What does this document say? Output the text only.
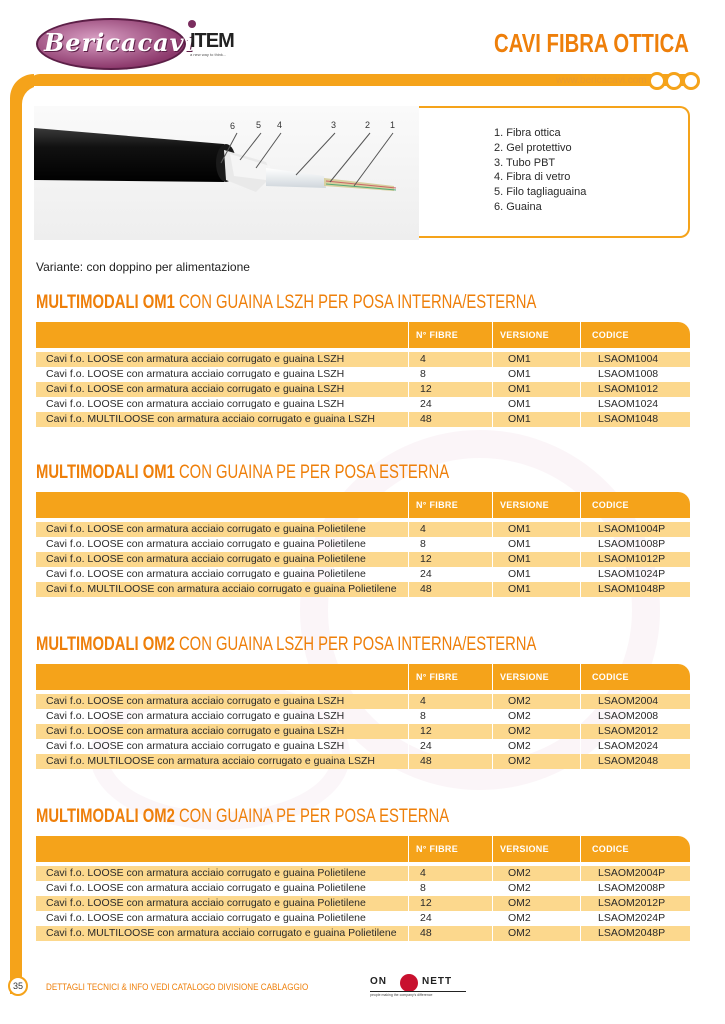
Bericacavi
ITEM
a new way to think...	CAVI FIBRA OTTICA
www.bericacavi.com
6 5 4	3	2 1
1. Fibra ottica
2. Gel protettivo
3. Tubo PBT
4. Fibra di vetro
5. Filo tagliaguaina
6. Guaina
Variante: con doppino per alimentazione
MULTIMODALI OM1 CON GUAINA LSZH PER POSA INTERNA/ESTERNA
N° FIBRE	VERSIONE	CODICE
Cavi f.o. LOOSE con armatura acciaio corrugato e guaina LSZH	4	OM1	LSAOM1004
Cavi f.o. LOOSE con armatura acciaio corrugato e guaina LSZH	8	OM1	LSAOM1008
Cavi f.o. LOOSE con armatura acciaio corrugato e guaina LSZH	12	OM1	LSAOM1012
Cavi f.o. LOOSE con armatura acciaio corrugato e guaina LSZH	24	OM1	LSAOM1024
Cavi f.o. MULTILOOSE con armatura acciaio corrugato e guaina LSZH	48	OM1	LSAOM1048
MULTIMODALI OM1 CON GUAINA PE PER POSA ESTERNA
N° FIBRE	VERSIONE	CODICE
Cavi f.o. LOOSE con armatura acciaio corrugato e guaina Polietilene	4	OM1	LSAOM1004P
Cavi f.o. LOOSE con armatura acciaio corrugato e guaina Polietilene	8	OM1	LSAOM1008P
Cavi f.o. LOOSE con armatura acciaio corrugato e guaina Polietilene	12	OM1	LSAOM1012P
Cavi f.o. LOOSE con armatura acciaio corrugato e guaina Polietilene	24	OM1	LSAOM1024P
Cavi f.o. MULTILOOSE con armatura acciaio corrugato e guaina Polietilene 48	OM1	LSAOM1048P
MULTIMODALI OM2 CON GUAINA LSZH PER POSA INTERNA/ESTERNA
N° FIBRE	VERSIONE	CODICE
Cavi f.o. LOOSE con armatura acciaio corrugato e guaina LSZH	4	OM2	LSAOM2004
Cavi f.o. LOOSE con armatura acciaio corrugato e guaina LSZH	8	OM2	LSAOM2008
Cavi f.o. LOOSE con armatura acciaio corrugato e guaina LSZH	12	OM2	LSAOM2012
Cavi f.o. LOOSE con armatura acciaio corrugato e guaina LSZH	24	OM2	LSAOM2024
Cavi f.o. MULTILOOSE con armatura acciaio corrugato e guaina LSZH	48	OM2	LSAOM2048
MULTIMODALI OM2 CON GUAINA PE PER POSA ESTERNA
N° FIBRE	VERSIONE	CODICE
Cavi f.o. LOOSE con armatura acciaio corrugato e guaina Polietilene	4	OM2	LSAOM2004P
Cavi f.o. LOOSE con armatura acciaio corrugato e guaina Polietilene	8	OM2	LSAOM2008P
Cavi f.o. LOOSE con armatura acciaio corrugato e guaina Polietilene	12	OM2	LSAOM2012P
Cavi f.o. LOOSE con armatura acciaio corrugato e guaina Polietilene	24	OM2	LSAOM2024P
Cavi f.o. MULTILOOSE con armatura acciaio corrugato e guaina Polietilene 48	OM2	LSAOM2048P
35	DETTAGLI TECNICI & INFO VEDI CATALOGO DIVISIONE CABLAGGIO
ON	NETT
people making the company's difference
